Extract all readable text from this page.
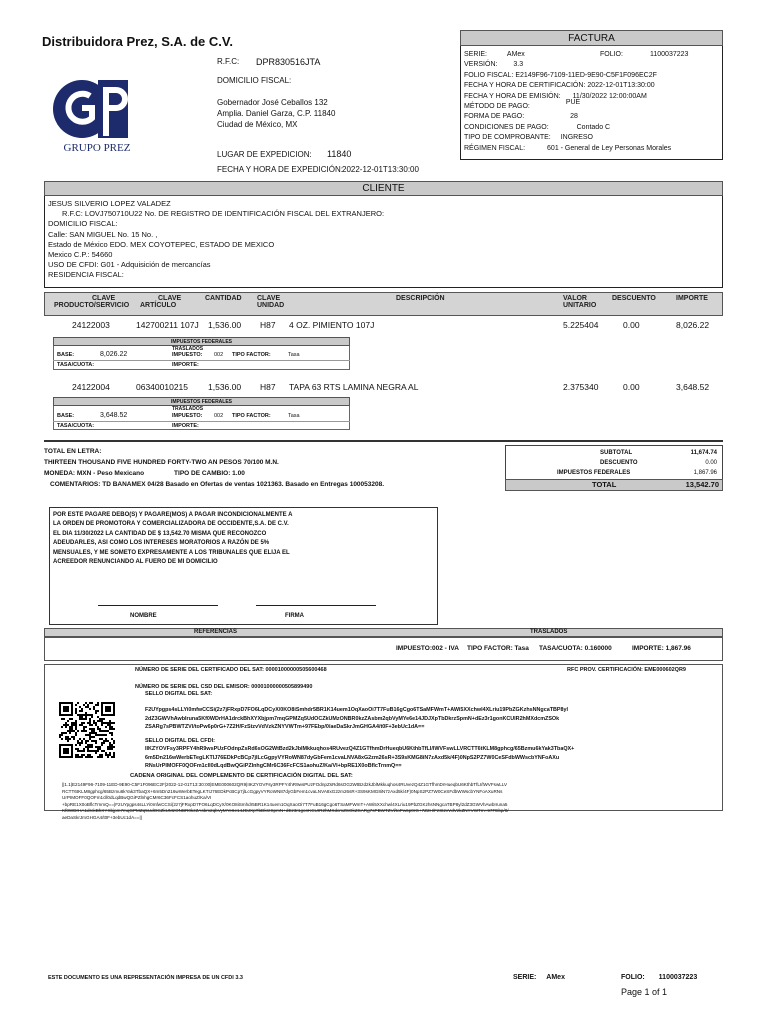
Distribuidora Prez, S.A. de C.V.
GRUPO PREZ
R.F.C: DPR830516JTA
DOMICILIO FISCAL:
Gobernador José Ceballos 132
Amplia. Daniel Garza, C.P. 11840
Ciudad de México, MX
LUGAR DE EXPEDICION: 11840
FECHA Y HORA DE EXPEDICIÓN: 2022-12-01T13:30:00
FACTURA
SERIE:	AMex	FOLIO:	1100037223
VERSIÓN: 3.3
FOLIO FISCAL: E2149F96-7109-11ED-9E90-C5F1F096EC2F
FECHA Y HORA DE CERTIFICACIÓN: 2022-12-01T13:30:00
FECHA Y HORA DE EMISIÓN: 11/30/2022 12:00:00AM
MÉTODO DE PAGO: PUE
FORMA DE PAGO:	28
CONDICIONES DE PAGO:	Contado C
TIPO DE COMPROBANTE: INGRESO
RÉGIMEN FISCAL:	601 - General de Ley Personas Morales
CLIENTE
JESUS SILVERIO LOPEZ VALADEZ
R.F.C: LOVJ750710U22 No. DE REGISTRO DE IDENTIFICACIÓN FISCAL DEL EXTRANJERO:
DOMICILIO FISCAL:
Calle: SAN MIGUEL No. 15 No. ,
Estado de México EDO. MEX COYOTEPEC, ESTADO DE MEXICO
Mexico C.P.: 54660
USO DE CFDI: G01 - Adquisición de mercancías
RESIDENCIA FISCAL:
CLAVE
PRODUCTO/SERVICIO
CLAVE
ARTÍCULO
CANTIDAD CLAVE
UNIDAD
DESCRIPCIÓN	VALOR
UNITARIO
DESCUENTO	IMPORTE
24122003	142700211 107J 1,536.00 H87 4 OZ. PIMIENTO 107J	5.225404	0.00	8,026.22
IMPUESTOS FEDERALES
TRASLADOS
BASE:	8,026.22	IMPUESTO: 002 TIPO FACTOR:	Tasa
TASA/CUOTA:	IMPORTE:
24122004	06340010215 1,536.00 H87 TAPA 63 RTS LAMINA NEGRA AL	2.375340	0.00	3,648.52
IMPUESTOS FEDERALES
TRASLADOS
BASE:	3,648.52	IMPUESTO: 002 TIPO FACTOR:	Tasa
TASA/CUOTA:	IMPORTE:
TOTAL EN LETRA:
THIRTEEN THOUSAND FIVE HUNDRED FORTY-TWO AN PESOS 70/100 M.N.
MONEDA: MXN - Peso Mexicano	TIPO DE CAMBIO: 1.00
COMENTARIOS: TD BANAMEX 04/28 Basado en Ofertas de ventas 1021363. Basado en Entregas 100053208.
SUBTOTAL	11,674.74

DESCUENTO	0.00

IMPUESTOS FEDERALES	1,867.96

TOTAL	13,542.70
POR ESTE PAGARE DEBO(S) Y PAGARE(MOS) A PAGAR INCONDICIONALMENTE A
LA ORDEN DE PROMOTORA Y COMERCIALIZADORA DE OCCIDENTE,S.A. DE C.V.
EL DIA 11/30/2022 LA CANTIDAD DE $ 13,542.70 MISMA QUE RECONOZCO
ADEUDARLES, ASI COMO LOS INTERESES MORATORIOS A RAZÓN DE 5%
MENSUALES, Y ME SOMETO EXPRESAMENTE A LOS TRIBUNALES QUE ELIJA EL
ACREEDOR RENUNCIANDO AL FUERO DE MI DOMICILIO
NOMBRE	FIRMA
REFERENCIAS	TRASLADOS
IMPUESTO:002 - IVA TIPO FACTOR: Tasa TASA/CUOTA: 0.160000	IMPORTE: 1,867.96
NÚMERO DE SERIE DEL CERTIFICADO DEL SAT: 00001000000505600468	RFC PROV. CERTIFICACIÓN: EME000602QR9
NÚMERO DE SERIE DEL CSD DEL EMISOR: 00001000000505899490
SELLO DIGITAL DEL SAT:
F2UYpgps4sLLYi0mfwCCSi(2z7jFRxpD7FO6LqDCyX/0KO8iSmhdr5BR1K14uem1OqXaoOi7T7FuB16gCgo6TSaMFWmT+AWi5XXchwl4XLriu19PbZGKzhsNNgcaTBP8yl
2dZ3GWVhAwbIruna5Kf0WDrHA1drckBhXYXbjpm7mqGPMZq5UdOCZkUMzONBR0kzZAsbm2qbVyMYe6e14JDJXpTbDkrzSpmN+dEz3r1gonKCUIR2hMXdcmZSOk
ZSARg7sPBWTZVl/toPw6p0rG+7Z2H/FzStzvVdVzkZNYVWTm+97FEbp/0/aeDaSkrJmGHGA4/t0F+3ebUc1dA==
SELLO DIGITAL DEL CFDI:
IIKZYOVFsy3RPFY4hR9wsPUzFOdnpZsRd6sOG2WtBzd2kJblMkkuqhos4RUvezQ4Z1GTfhmDrHueqbU6KthbTfLI/lWVFswLLVRCTT6tKLM8gphcg/65Bzmu6kYak3TbaQX+
6m5Dn216wWerbETegLKTIJ76EDkPcBCp7jlLcGgpyVYRoWN87dyGbFem1cvaLNVA8xG2zm26sR+3S9sKMG8iN7zAxd5k/4F)0NpS2PZ7W0CeSFdbWWscbYNFoAXu
RNsUrPIMOFF0QOFm1cll0dLqdBwQGiPZlnhgCMr6C36FcFCS1aohuZ/Ka/VI+bpRE1X0oBflcTrnmQ==
CADENA ORIGINAL DEL COMPLEMENTO DE CERTIFICACIÓN DIGITAL DEL SAT:
||1.1|E2149F96-7109-11ED-9E90-C5F1F096EC2F|2022-12-01T13:30:00|EME000602QR9|IIKZYOVFsy3RPFY4hR9wsPUzFOdnpZsRd6sOG2WtBzd2kJblMkkuqhos4RUvezQ4Z1GTfhmDrHueqbU6KthbTfLI/lWVFswLLV
RCTT6tKLM8gphcg/65Bzmu6kYak3TbaQX+6m5Dn216wWerbETegLKTIJ76EDkPcBCp7jlLcGgpyVYRoWN87dyGbFem1cvaLNVA8xG2zm26sR+3S9sKMG8iN7zAxd5k/4F)0NpS2PZ7W0CeSFdbWWscbYNFoAXuRNs
UrPIMOFF0QOFm1cll0dLqdBwQGiPZlnhgCMr6C36FcFCS1aohuZ/Ka/VI
+bpRE1X0oBflcTrnmQ==|F2UYpgps4sLLYi0mfwCCSi(2z7jFRxpD7FO6LqDCyX/0KO8iSmhdr5BR1K14uem1OqXaoOi7T7FuB16gCgo6TSaMFWmT+AWi5XXchwl4XLriu19PbZGKzhsNNgcaTBP8yl2dZ3GWVhAwbIruna5
Kf0WDrHA1drckBhXYXbjpm7mqGPMZq5UdOCZkUMzONBR0kzZAsbm2qbVyMYe6e14JDJXpTbDkrzSpmN+dEz3r1gonKCUIR2hMXdcmZSOkZSARg7sPBWTZVl/toPw6p0rG+7Z2H/FzStzvVdVzkZNYVWTm+97FEbp/0/
aeDaSkrJmGHGA4/t0F+3ebUc1dA==||
ESTE DOCUMENTO ES UNA REPRESENTACIÓN IMPRESA DE UN CFDI 3.3	SERIE: AMex	FOLIO: 1100037223
Page 1 of 1
